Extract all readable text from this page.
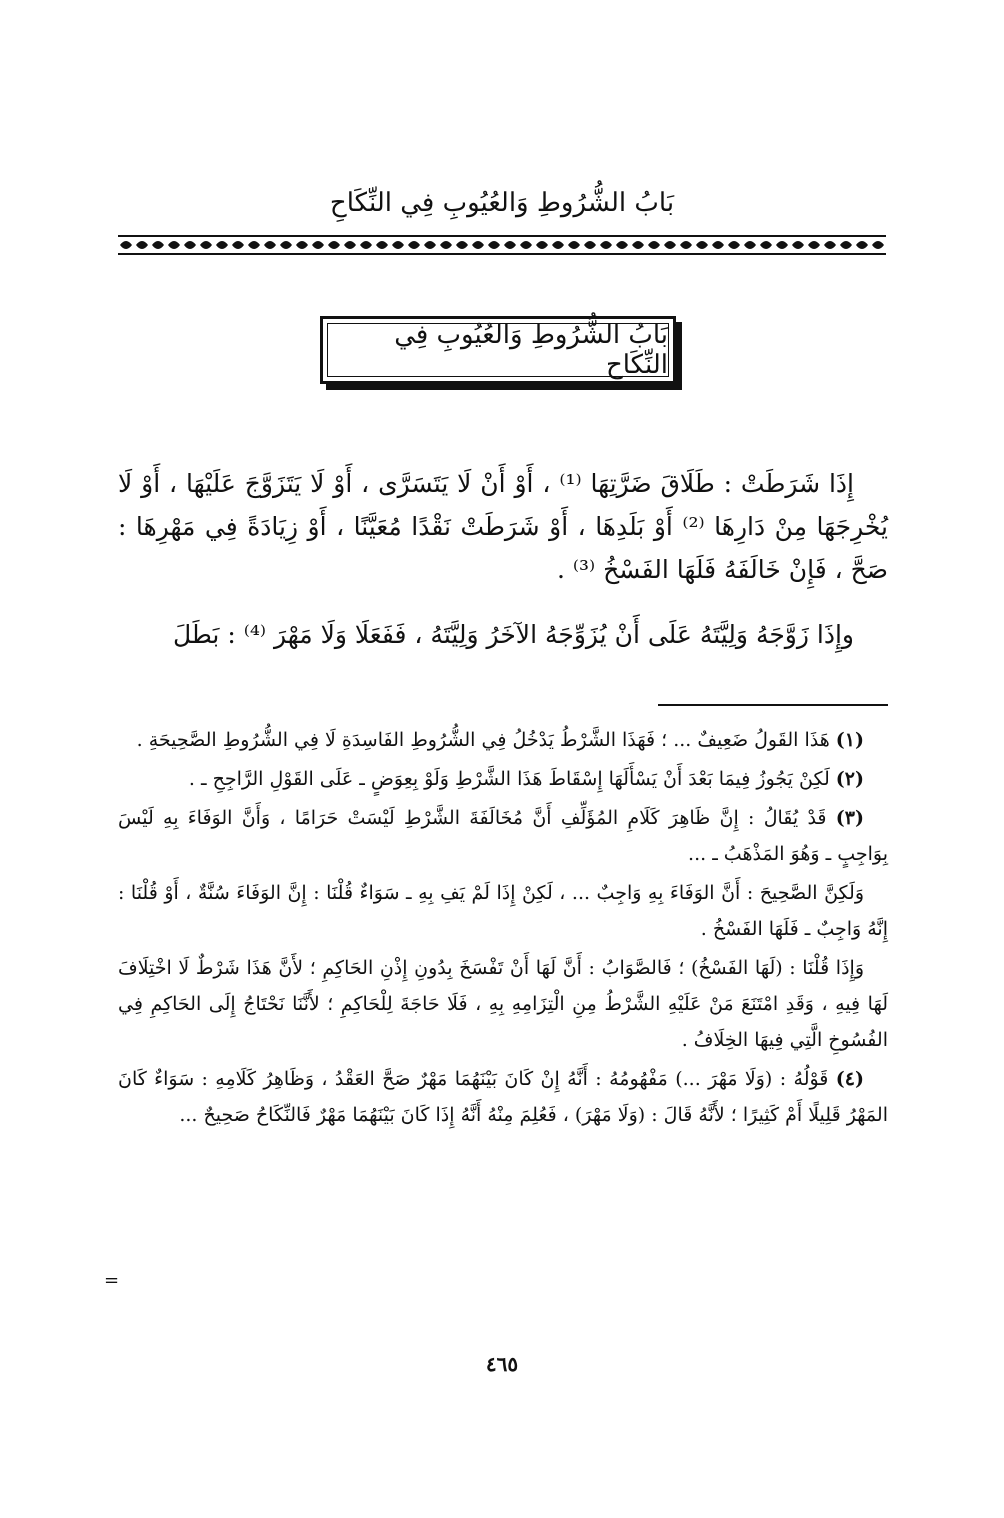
بَابُ الشُّرُوطِ وَالعُيُوبِ فِي النِّكَاحِ
بَابُ الشُّرُوطِ وَالعُيُوبِ فِي النِّكَاحِ

إِذَا شَرَطَتْ : طَلَاقَ ضَرَّتِهَا ⁽¹⁾ ، أَوْ أَنْ لَا يَتَسَرَّى ، أَوْ لَا يَتَزَوَّجَ عَلَيْهَا ، أَوْ لَا يُخْرِجَهَا مِنْ دَارِهَا ⁽²⁾ أَوْ بَلَدِهَا ، أَوْ شَرَطَتْ نَقْدًا مُعَيَّنًا ، أَوْ زِيَادَةً فِي مَهْرِهَا : صَحَّ ، فَإِنْ خَالَفَهُ فَلَهَا الفَسْخُ ⁽³⁾ .

وإِذَا زَوَّجَهُ وَلِيَّتَهُ عَلَى أَنْ يُزَوِّجَهُ الآخَرُ وَلِيَّتَهُ ، فَفَعَلَا وَلَا مَهْرَ ⁽⁴⁾ : بَطَلَ

(١) هَذَا القَولُ ضَعِيفٌ ... ؛ فَهَذَا الشَّرْطُ يَدْخُلُ فِي الشُّرُوطِ الفَاسِدَةِ لَا فِي الشُّرُوطِ الصَّحِيحَةِ .

(٢) لَكِنْ يَجُوزُ فِيمَا بَعْدَ أَنْ يَسْأَلَهَا إِسْقَاطَ هَذَا الشَّرْطِ وَلَوْ بِعِوَضٍ ـ عَلَى القَوْلِ الرَّاجِحِ ـ .

(٣) قَدْ يُقَالُ : إِنَّ ظَاهِرَ كَلَامِ المُؤَلِّفِ أَنَّ مُخَالَفَةَ الشَّرْطِ لَيْسَتْ حَرَامًا ، وَأَنَّ الوَفَاءَ بِهِ لَيْسَ بِوَاجِبٍ ـ وَهُوَ المَذْهَبُ ـ ...

وَلَكِنَّ الصَّحِيحَ : أَنَّ الوَفَاءَ بِهِ وَاجِبٌ ... ، لَكِنْ إِذَا لَمْ يَفِ بِهِ ـ سَوَاءٌ قُلْنَا : إِنَّ الوَفَاءَ سُنَّةٌ ، أَوْ قُلْنَا : إِنَّهُ وَاجِبٌ ـ فَلَهَا الفَسْخُ .

وَإِذَا قُلْنَا : (لَهَا الفَسْخُ) ؛ فَالصَّوَابُ : أَنَّ لَهَا أَنْ تَفْسَخَ بِدُونِ إِذْنِ الحَاكِمِ ؛ لأَنَّ هَذَا شَرْطٌ لَا اخْتِلَافَ لَهَا فِيهِ ، وَقَدِ امْتَنَعَ مَنْ عَلَيْهِ الشَّرْطُ مِنِ الْتِزَامِهِ بِهِ ، فَلَا حَاجَةَ لِلْحَاكِمِ ؛ لأَنَّنَا نَحْتَاجُ إِلَى الحَاكِمِ فِي الفُسُوخِ الَّتِي فِيهَا الخِلَافُ .

(٤) قَوْلُهُ : (وَلَا مَهْرَ ...) مَفْهُومُهُ : أَنَّهُ إِنْ كَانَ بَيْنَهُمَا مَهْرٌ صَحَّ العَقْدُ ، وَظَاهِرُ كَلَامِهِ : سَوَاءٌ كَانَ المَهْرُ قَلِيلًا أَمْ كَثِيرًا ؛ لأَنَّهُ قَالَ : (وَلَا مَهْرَ) ، فَعُلِمَ مِنْهُ أَنَّهُ إِذَا كَانَ بَيْنَهُمَا مَهْرٌ فَالنِّكَاحُ صَحِيحٌ ...

=
٤٦٥
